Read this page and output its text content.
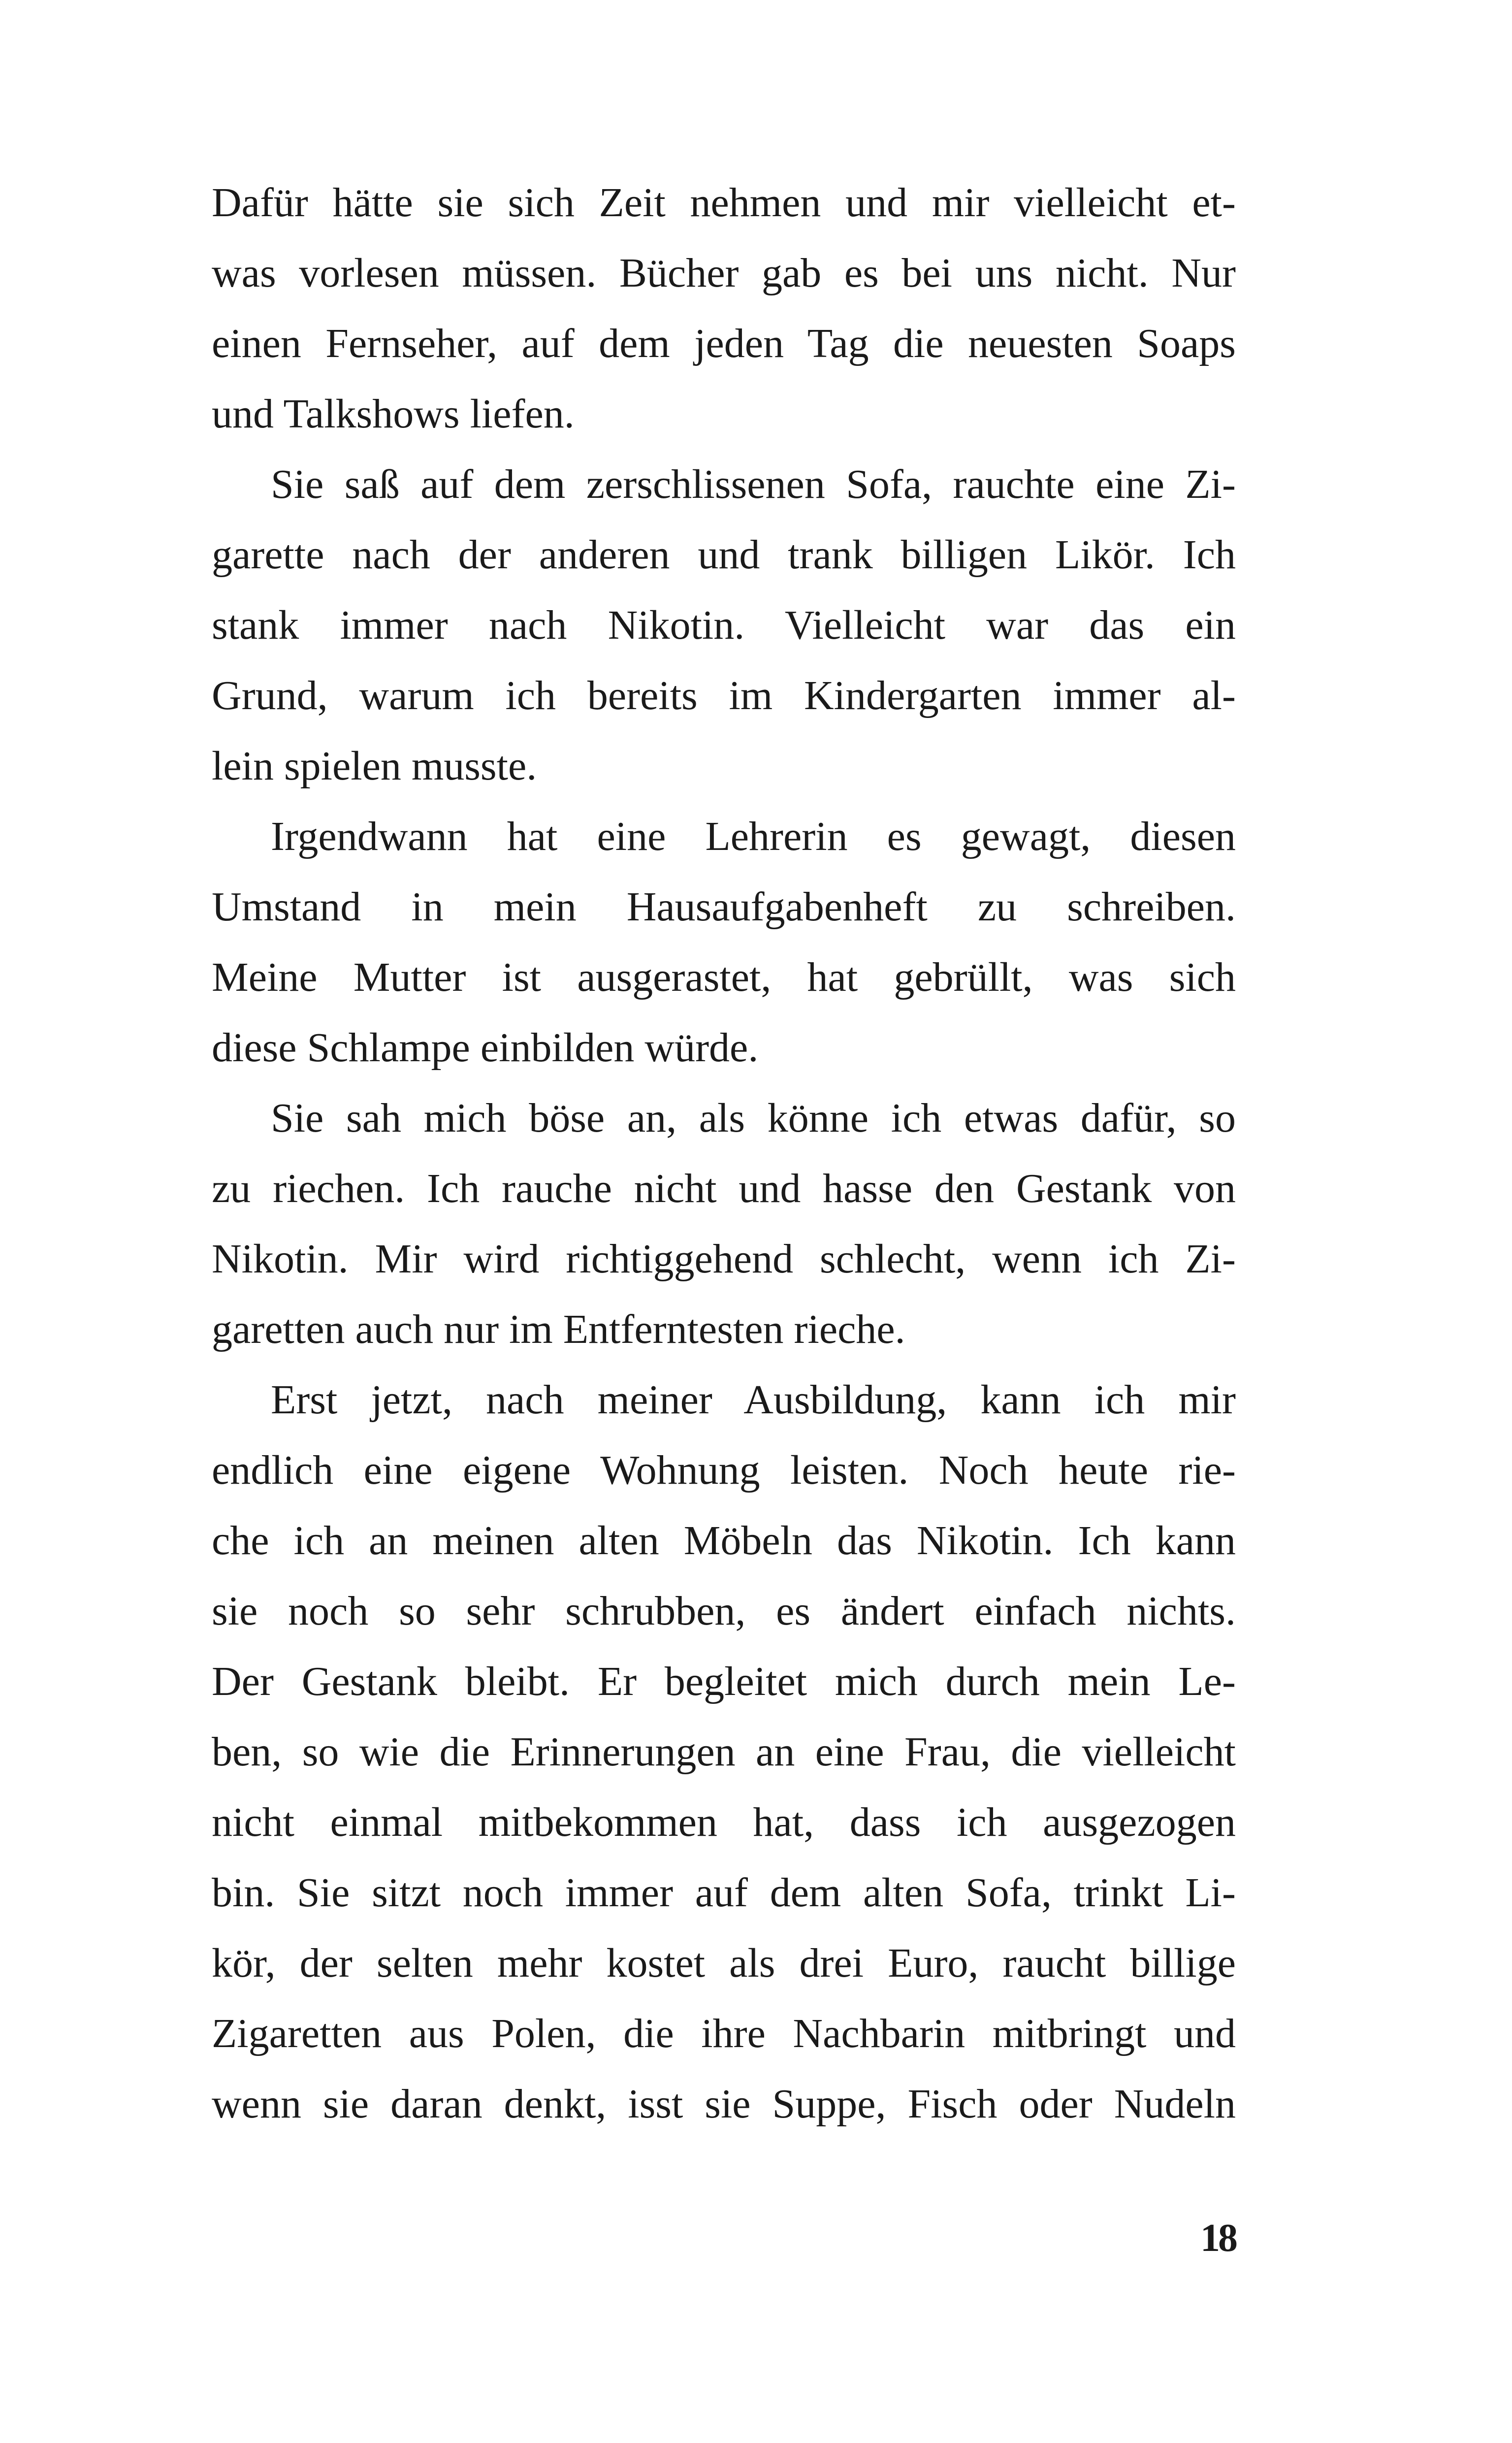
Dafür hätte sie sich Zeit nehmen und mir vielleicht et-
was vorlesen müssen. Bücher gab es bei uns nicht. Nur
einen Fernseher, auf dem jeden Tag die neuesten Soaps
und Talkshows liefen.
Sie saß auf dem zerschlissenen Sofa, rauchte eine Zi-
garette nach der anderen und trank billigen Likör. Ich
stank immer nach Nikotin. Vielleicht war das ein
Grund, warum ich bereits im Kindergarten immer al-
lein spielen musste.
Irgendwann hat eine Lehrerin es gewagt, diesen
Umstand in mein Hausaufgabenheft zu schreiben.
Meine Mutter ist ausgerastet, hat gebrüllt, was sich
diese Schlampe einbilden würde.
Sie sah mich böse an, als könne ich etwas dafür, so
zu riechen. Ich rauche nicht und hasse den Gestank von
Nikotin. Mir wird richtiggehend schlecht, wenn ich Zi-
garetten auch nur im Entferntesten rieche.
Erst jetzt, nach meiner Ausbildung, kann ich mir
endlich eine eigene Wohnung leisten. Noch heute rie-
che ich an meinen alten Möbeln das Nikotin. Ich kann
sie noch so sehr schrubben, es ändert einfach nichts.
Der Gestank bleibt. Er begleitet mich durch mein Le-
ben, so wie die Erinnerungen an eine Frau, die vielleicht
nicht einmal mitbekommen hat, dass ich ausgezogen
bin. Sie sitzt noch immer auf dem alten Sofa, trinkt Li-
kör, der selten mehr kostet als drei Euro, raucht billige
Zigaretten aus Polen, die ihre Nachbarin mitbringt und
wenn sie daran denkt, isst sie Suppe, Fisch oder Nudeln
18
